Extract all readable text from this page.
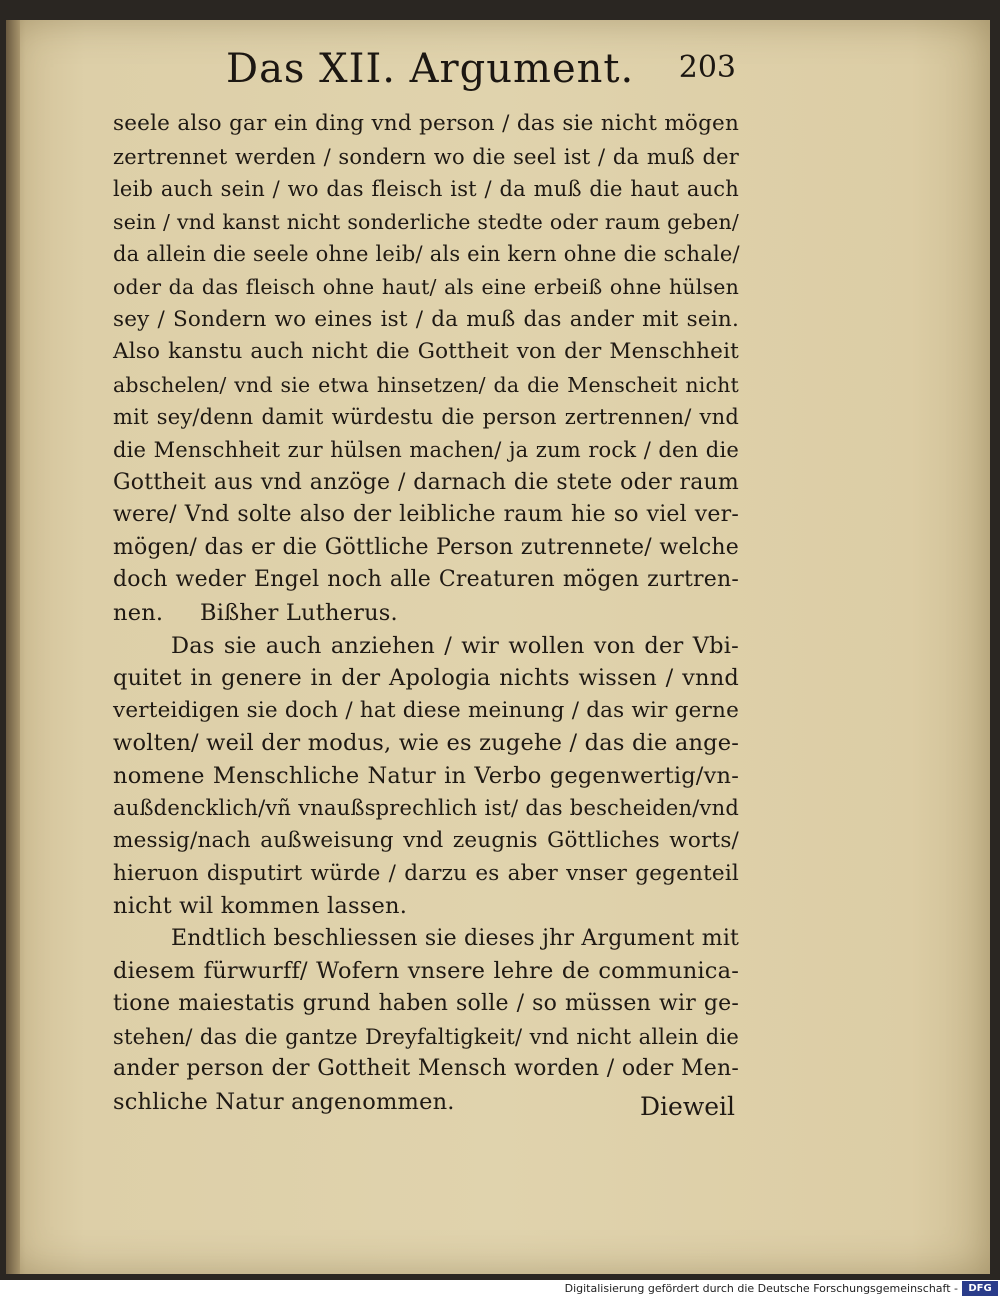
Das XII. Argument. 203
seele also gar ein ding vnd person / das sie nicht mögen
zertrennet werden / sondern wo die seel ist / da muß der
leib auch sein / wo das fleisch ist / da muß die haut auch
sein / vnd kanst nicht sonderliche stedte oder raum geben/
da allein die seele ohne leib/ als ein kern ohne die schale/
oder da das fleisch ohne haut/ als eine erbeiß ohne hülsen
sey / Sondern wo eines ist / da muß das ander mit sein.
Also kanstu auch nicht die Gottheit von der Menschheit
abschelen/ vnd sie etwa hinsetzen/ da die Menscheit nicht
mit sey/denn damit würdestu die person zertrennen/ vnd
die Menschheit zur hülsen machen/ ja zum rock / den die
Gottheit aus vnd anzöge / darnach die stete oder raum
were/ Vnd solte also der leibliche raum hie so viel ver-
mögen/ das er die Göttliche Person zutrennete/ welche
doch weder Engel noch alle Creaturen mögen zurtren-
nen.     Bißher Lutherus.
Das sie auch anziehen / wir wollen von der Vbi-
quitet in genere in der Apologia nichts wissen / vnnd
verteidigen sie doch / hat diese meinung / das wir gerne
wolten/ weil der modus, wie es zugehe / das die ange-
nomene Menschliche Natur in Verbo gegenwertig/vn-
außdencklich/vñ vnaußsprechlich ist/ das bescheiden/vnd
messig/nach außweisung vnd zeugnis Göttliches worts/
hieruon disputirt würde / darzu es aber vnser gegenteil
nicht wil kommen lassen.
Endtlich beschliessen sie dieses jhr Argument mit
diesem fürwurff/ Wofern vnsere lehre de communica-
tione maiestatis grund haben solle / so müssen wir ge-
stehen/ das die gantze Dreyfaltigkeit/ vnd nicht allein die
ander person der Gottheit Mensch worden / oder Men-
schliche Natur angenommen.	Dieweil
Digitalisierung gefördert durch die Deutsche Forschungsgemeinschaft -	DFG
